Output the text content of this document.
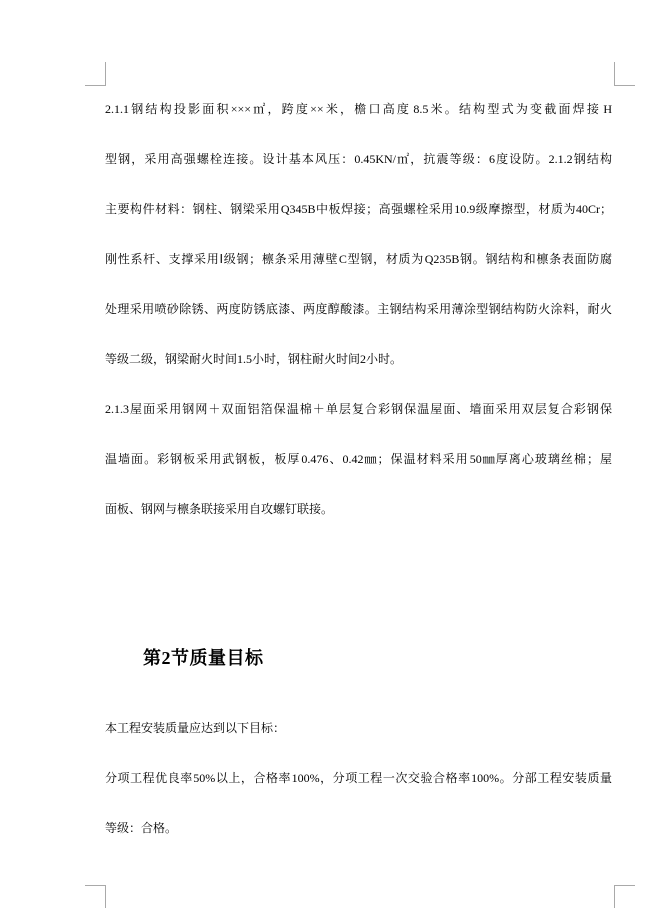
2.1.1 钢结构投影面积×××㎡，跨度××米，檐口高度 8.5 米。结构型式为变截面焊接 H
型钢，采用高强螺栓连接。设计基本风压：0.45KN/㎡，抗震等级：6 度设防。2.1.2 钢结构
主要构件材料：钢柱、钢梁采用 Q345B 中板焊接；高强螺栓采用 10.9 级摩擦型，材质为40Cr；
刚性系杆、支撑采用Ⅰ级钢；檩条采用薄壁 C 型钢，材质为 Q235B 钢。钢结构和檩条表面防腐
处理采用喷砂除锈、两度防锈底漆、两度醇酸漆。主钢结构采用薄涂型钢结构防火涂料，耐火
等级二级，钢梁耐火时间 1.5 小时，钢柱耐火时间 2 小时。
2.1.3 屋面采用钢网＋双面铝箔保温棉＋单层复合彩钢保温屋面、墙面采用双层复合彩钢保
温墙面。彩钢板采用武钢板，板厚 0.476、0.42 ㎜；保温材料采用 50 ㎜厚离心玻璃丝棉；屋
面板、钢网与檩条联接采用自攻螺钉联接。
第2节质量目标
本工程安装质量应达到以下目标：
分项工程优良率 50%以上，合格率 100%，分项工程一次交验合格率 100%。分部工程安装质量
等级：合格。
